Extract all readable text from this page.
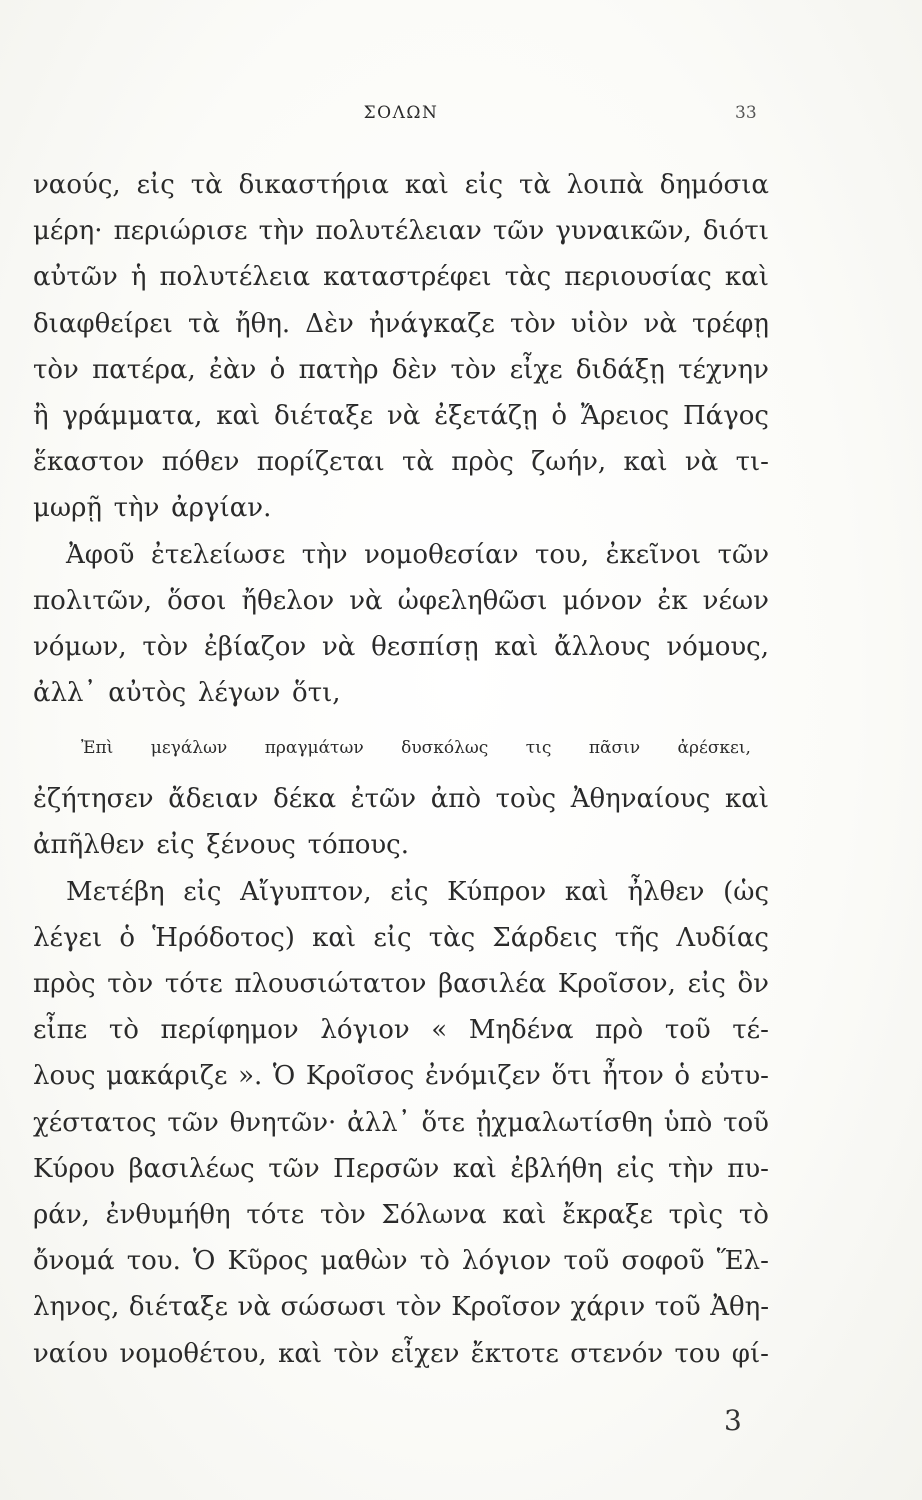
ΣΟΛΩΝ	33
ναούς, εἰς τὰ δικαστήρια καὶ εἰς τὰ λοιπὰ δημόσια
μέρη· περιώρισε τὴν πολυτέλειαν τῶν γυναικῶν, διότι
αὐτῶν ἡ πολυτέλεια καταστρέφει τὰς περιουσίας καὶ
διαφθείρει τὰ ἤθη. Δὲν ἠνάγκαζε τὸν υἱὸν νὰ τρέφῃ
τὸν πατέρα, ἐὰν ὁ πατὴρ δὲν τὸν εἶχε διδάξῃ τέχνην
ἢ γράμματα, καὶ διέταξε νὰ ἐξετάζῃ ὁ Ἄρειος Πάγος
ἕκαστον πόθεν πορίζεται τὰ πρὸς ζωήν, καὶ νὰ τι-
μωρῇ τὴν ἀργίαν.
Ἀφοῦ ἐτελείωσε τὴν νομοθεσίαν του, ἐκεῖνοι τῶν
πολιτῶν, ὅσοι ἤθελον νὰ ὠφεληθῶσι μόνον ἐκ νέων
νόμων, τὸν ἐβίαζον νὰ θεσπίσῃ καὶ ἄλλους νόμους,
ἀλλ᾽ αὐτὸς λέγων ὅτι,
Ἐπὶ μεγάλων πραγμάτων δυσκόλως τις πᾶσιν ἀρέσκει,
ἐζήτησεν ἄδειαν δέκα ἐτῶν ἀπὸ τοὺς Ἀθηναίους καὶ
ἀπῆλθεν εἰς ξένους τόπους.
Μετέβη εἰς Αἴγυπτον, εἰς Κύπρον καὶ ἦλθεν (ὡς
λέγει ὁ Ἡρόδοτος) καὶ εἰς τὰς Σάρδεις τῆς Λυδίας
πρὸς τὸν τότε πλουσιώτατον βασιλέα Κροῖσον, εἰς ὃν
εἶπε τὸ περίφημον λόγιον « Μηδένα πρὸ τοῦ τέ-
λους μακάριζε ». Ὁ Κροῖσος ἐνόμιζεν ὅτι ἦτον ὁ εὐτυ-
χέστατος τῶν θνητῶν· ἀλλ᾽ ὅτε ᾐχμαλωτίσθη ὑπὸ τοῦ
Κύρου βασιλέως τῶν Περσῶν καὶ ἐβλήθη εἰς τὴν πυ-
ράν, ἐνθυμήθη τότε τὸν Σόλωνα καὶ ἔκραξε τρὶς τὸ
ὄνομά του. Ὁ Κῦρος μαθὼν τὸ λόγιον τοῦ σοφοῦ Ἕλ-
ληνος, διέταξε νὰ σώσωσι τὸν Κροῖσον χάριν τοῦ Ἀθη-
ναίου νομοθέτου, καὶ τὸν εἶχεν ἔκτοτε στενόν του φί-
3
